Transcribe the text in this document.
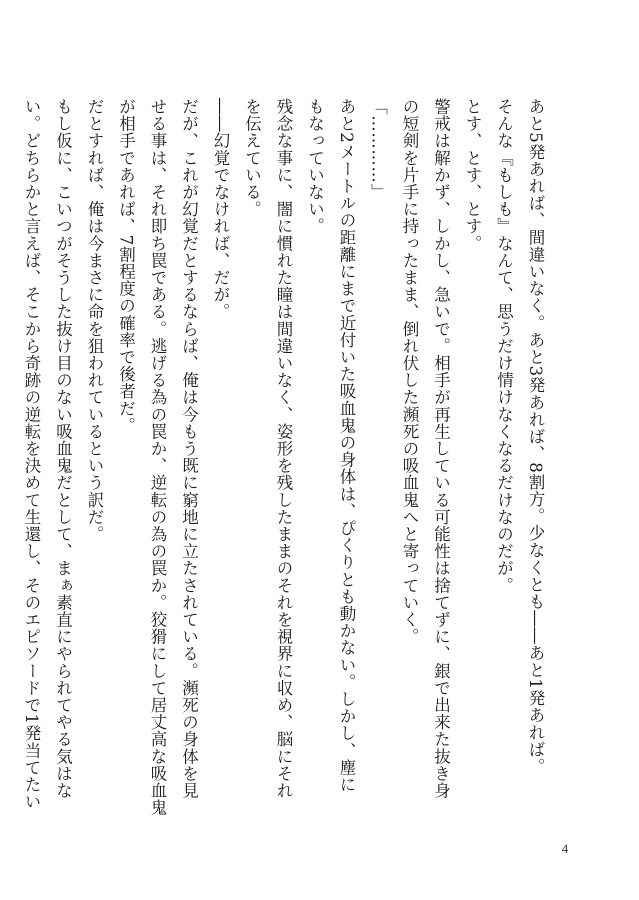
あと5発あれば、間違いなく。あと3発あれば、8割方。少なくとも――あと1発あれば。
そんな『もしも』なんて、思うだけ情けなくなるだけなのだが。
とす、とす、とす。
警戒は解かず、しかし、急いで。相手が再生している可能性は捨てずに、銀で出来た抜き身
の短剣を片手に持ったまま、倒れ伏した瀕死の吸血鬼へと寄っていく。
「…………」
あと2メートルの距離にまで近付いた吸血鬼の身体は、ぴくりとも動かない。しかし、塵に
もなっていない。
残念な事に、闇に慣れた瞳は間違いなく、姿形を残したままのそれを視界に収め、脳にそれ
を伝えている。
――幻覚でなければ、だが。
だが、これが幻覚だとするならば、俺は今もう既に窮地に立たされている。瀕死の身体を見
せる事は、それ即ち罠である。逃げる為の罠か、逆転の為の罠か。狡猾にして居丈高な吸血鬼
が相手であれば、7割程度の確率で後者だ。
だとすれば、俺は今まさに命を狙われているという訳だ。
もし仮に、こいつがそうした抜け目のない吸血鬼だとして、まぁ素直にやられてやる気はな
い。どちらかと言えば、そこから奇跡の逆転を決めて生還し、そのエピソードで1発当てたい
4
